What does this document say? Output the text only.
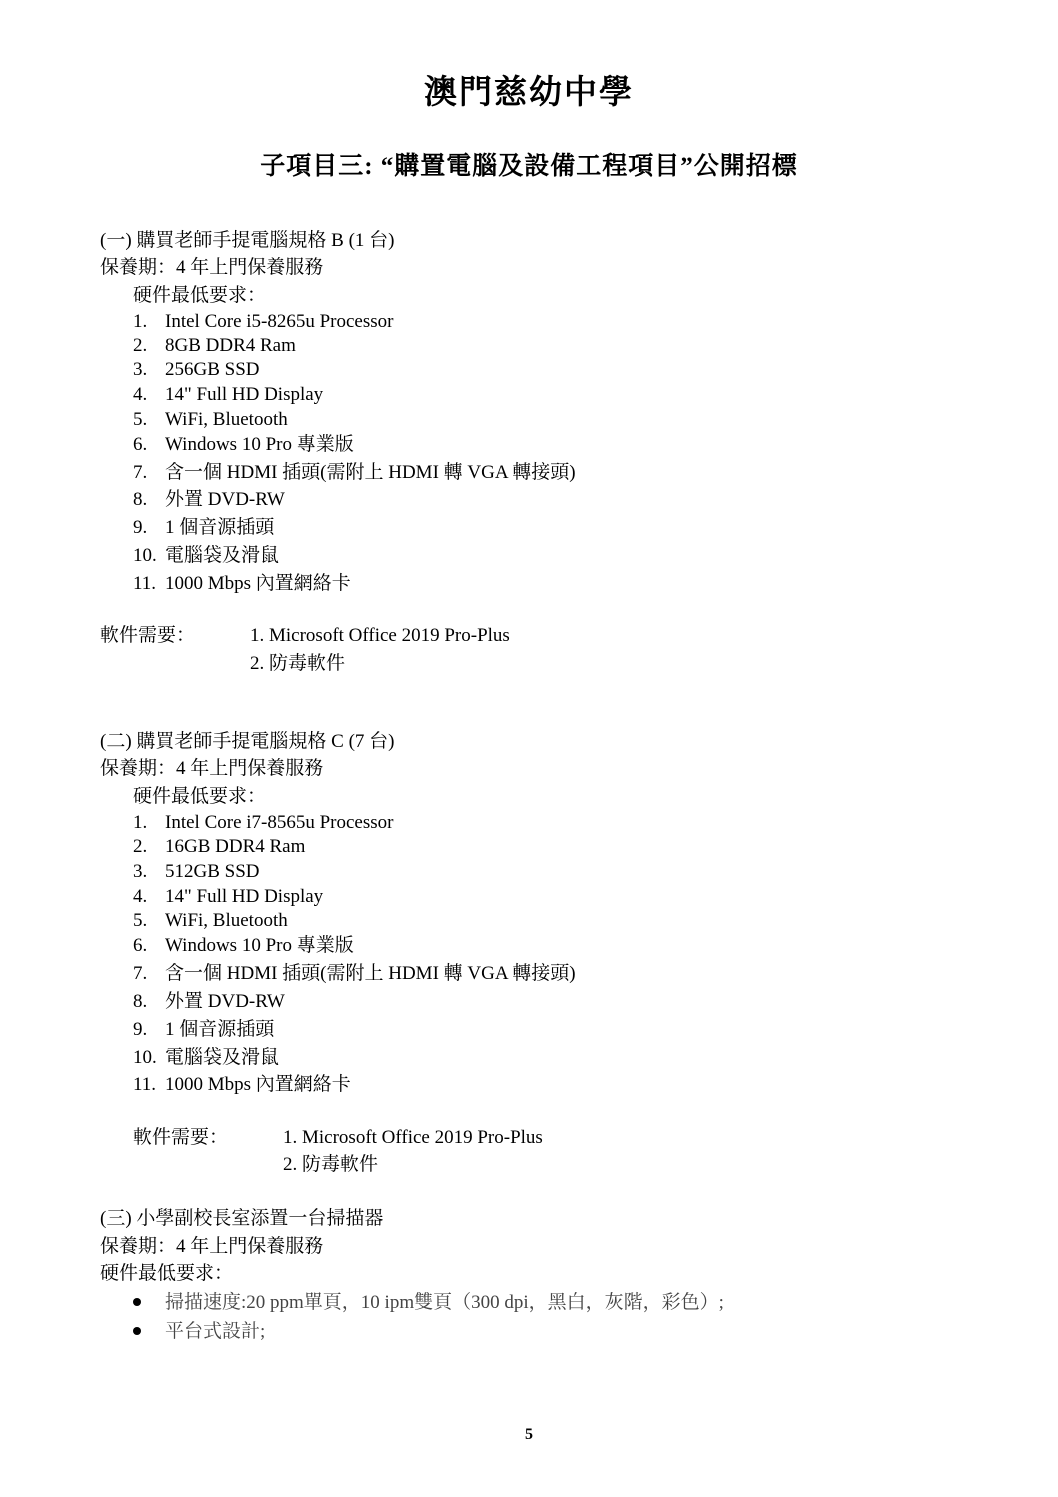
澳門慈幼中學
子項目三: “購置電腦及設備工程項目”公開招標
(一) 購買老師手提電腦規格 B (1 台)
保養期：4 年上門保養服務
硬件最低要求：
1. Intel Core i5-8265u Processor
2. 8GB DDR4 Ram
3. 256GB SSD
4. 14" Full HD Display
5. WiFi, Bluetooth
6. Windows 10 Pro 專業版
7. 含一個 HDMI 插頭(需附上 HDMI 轉 VGA 轉接頭)
8. 外置 DVD-RW
9. 1 個音源插頭
10. 電腦袋及滑鼠
11. 1000 Mbps 內置網絡卡
軟件需要：	1. Microsoft Office 2019 Pro-Plus
2. 防毒軟件
(二) 購買老師手提電腦規格 C (7 台)
保養期：4 年上門保養服務
硬件最低要求：
1. Intel Core i7-8565u Processor
2. 16GB DDR4 Ram
3. 512GB SSD
4. 14" Full HD Display
5. WiFi, Bluetooth
6. Windows 10 Pro 專業版
7. 含一個 HDMI 插頭(需附上 HDMI 轉 VGA 轉接頭)
8. 外置 DVD-RW
9. 1 個音源插頭
10. 電腦袋及滑鼠
11. 1000 Mbps 內置網絡卡
軟件需要：	1. Microsoft Office 2019 Pro-Plus
2. 防毒軟件
(三) 小學副校長室添置一台掃描器
保養期：4 年上門保養服務
硬件最低要求：
掃描速度:20 ppm單頁，10 ipm雙頁（300 dpi，黑白，灰階，彩色）;
平台式設計;
5
